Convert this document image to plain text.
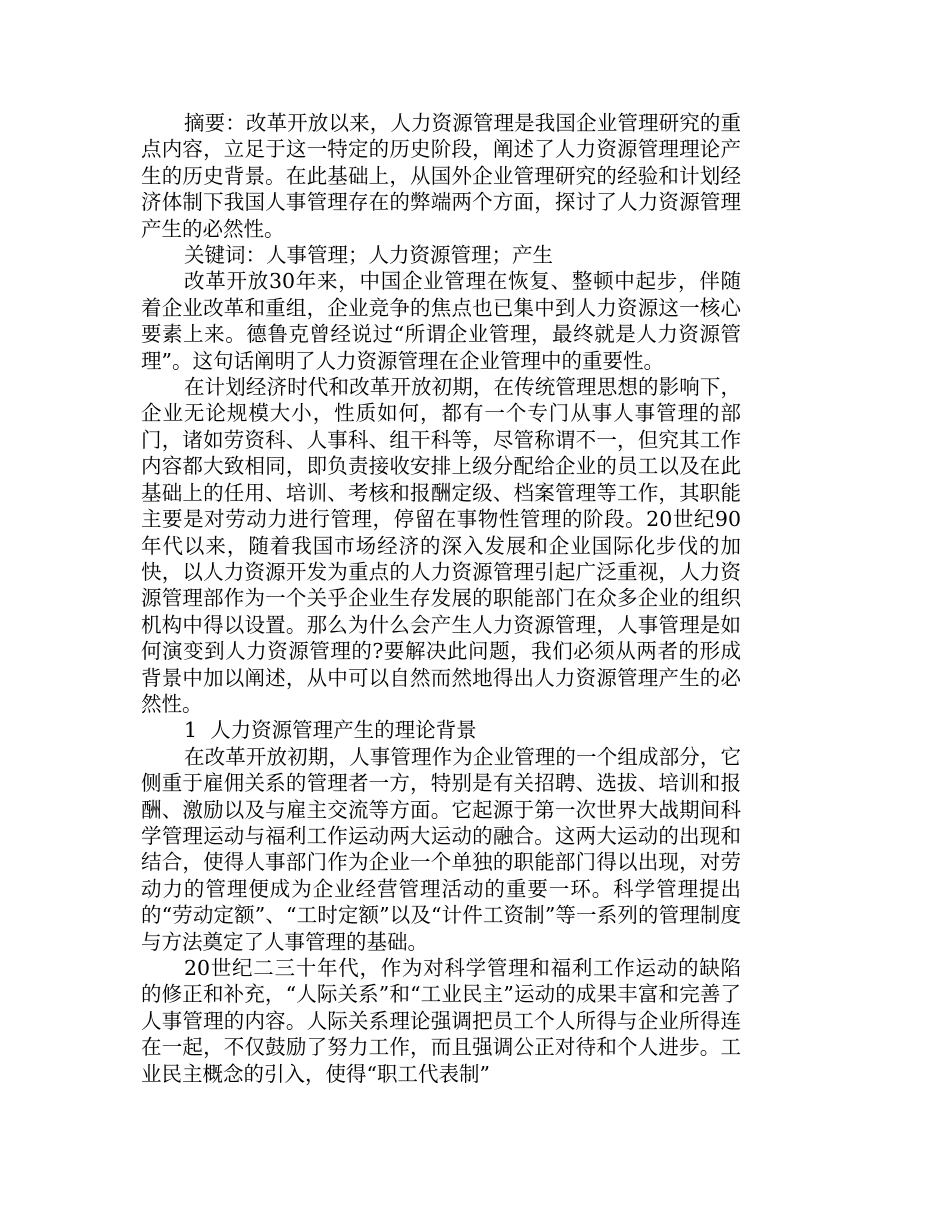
摘要：改革开放以来，人力资源管理是我国企业管理研究的重点内容，立足于这一特定的历史阶段，阐述了人力资源管理理论产生的历史背景。在此基础上，从国外企业管理研究的经验和计划经济体制下我国人事管理存在的弊端两个方面，探讨了人力资源管理产生的必然性。

关键词：人事管理；人力资源管理；产生

改革开放30年来，中国企业管理在恢复、整顿中起步，伴随着企业改革和重组，企业竞争的焦点也已集中到人力资源这一核心要素上来。德鲁克曾经说过“所谓企业管理，最终就是人力资源管理”。这句话阐明了人力资源管理在企业管理中的重要性。

在计划经济时代和改革开放初期，在传统管理思想的影响下，企业无论规模大小，性质如何，都有一个专门从事人事管理的部门，诸如劳资科、人事科、组干科等，尽管称谓不一，但究其工作内容都大致相同，即负责接收安排上级分配给企业的员工以及在此基础上的任用、培训、考核和报酬定级、档案管理等工作，其职能主要是对劳动力进行管理，停留在事物性管理的阶段。20世纪90年代以来，随着我国市场经济的深入发展和企业国际化步伐的加快，以人力资源开发为重点的人力资源管理引起广泛重视，人力资源管理部作为一个关乎企业生存发展的职能部门在众多企业的组织机构中得以设置。那么为什么会产生人力资源管理，人事管理是如何演变到人力资源管理的?要解决此问题，我们必须从两者的形成背景中加以阐述，从中可以自然而然地得出人力资源管理产生的必然性。

1  人力资源管理产生的理论背景

在改革开放初期，人事管理作为企业管理的一个组成部分，它侧重于雇佣关系的管理者一方，特别是有关招聘、选拔、培训和报酬、激励以及与雇主交流等方面。它起源于第一次世界大战期间科学管理运动与福利工作运动两大运动的融合。这两大运动的出现和结合，使得人事部门作为企业一个单独的职能部门得以出现，对劳动力的管理便成为企业经营管理活动的重要一环。科学管理提出的“劳动定额”、“工时定额”以及“计件工资制”等一系列的管理制度与方法奠定了人事管理的基础。

20世纪二三十年代，作为对科学管理和福利工作运动的缺陷的修正和补充，“人际关系”和“工业民主”运动的成果丰富和完善了人事管理的内容。人际关系理论强调把员工个人所得与企业所得连在一起，不仅鼓励了努力工作，而且强调公正对待和个人进步。工业民主概念的引入，使得“职工代表制”
